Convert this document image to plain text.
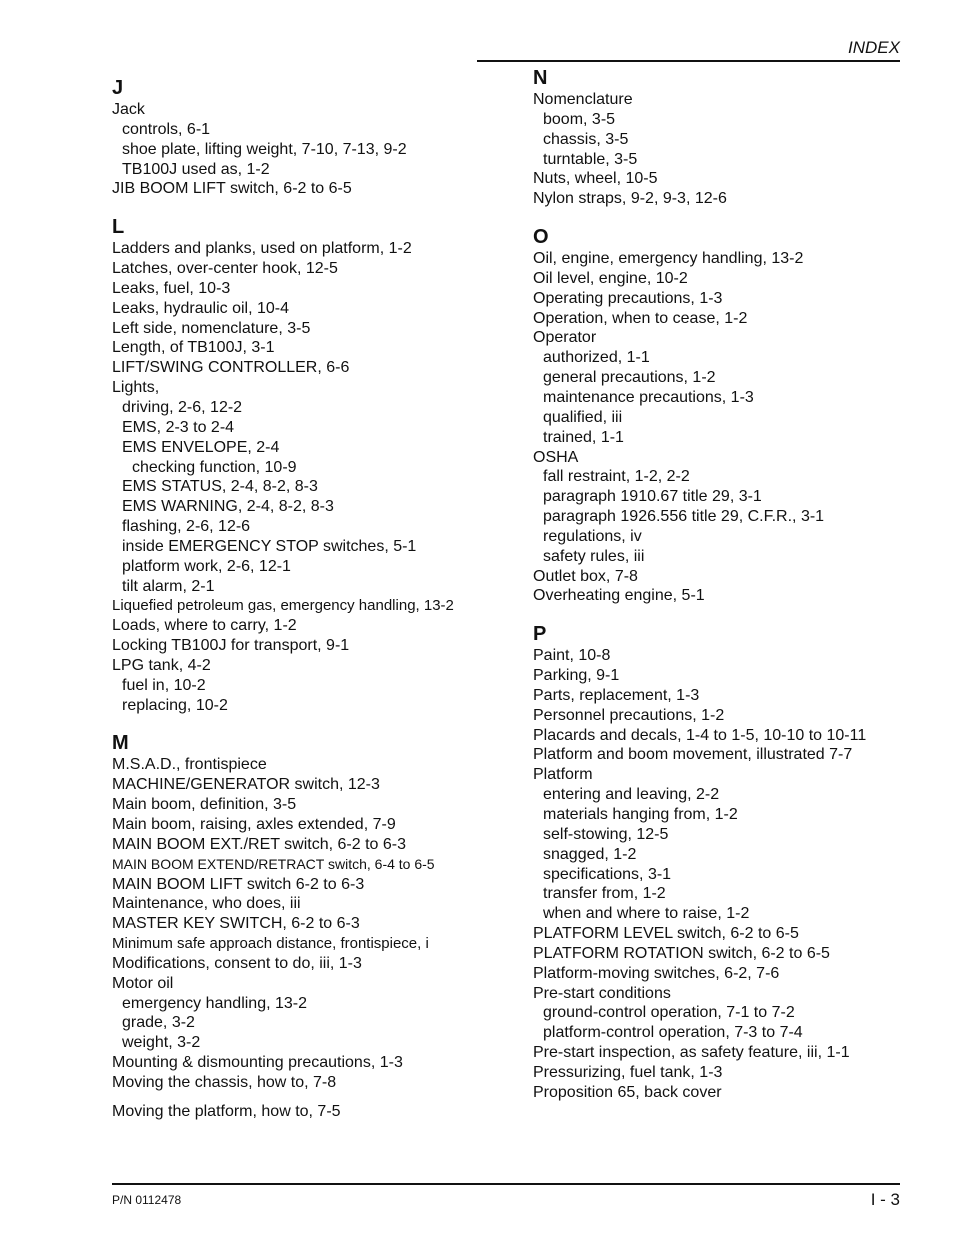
INDEX
J
Jack
controls, 6-1
shoe plate, lifting weight, 7-10, 7-13, 9-2
TB100J used as, 1-2
JIB BOOM LIFT switch, 6-2 to 6-5
L
Ladders and planks, used on platform, 1-2
Latches, over-center hook, 12-5
Leaks, fuel, 10-3
Leaks, hydraulic oil, 10-4
Left side, nomenclature, 3-5
Length, of TB100J, 3-1
LIFT/SWING CONTROLLER, 6-6
Lights,
driving, 2-6, 12-2
EMS, 2-3 to 2-4
EMS ENVELOPE, 2-4
checking function, 10-9
EMS STATUS, 2-4, 8-2, 8-3
EMS WARNING, 2-4, 8-2, 8-3
flashing, 2-6, 12-6
inside EMERGENCY STOP switches, 5-1
platform work, 2-6, 12-1
tilt alarm, 2-1
Liquefied petroleum gas, emergency handling, 13-2
Loads, where to carry, 1-2
Locking TB100J for transport, 9-1
LPG tank, 4-2
fuel in, 10-2
replacing, 10-2
M
M.S.A.D., frontispiece
MACHINE/GENERATOR switch, 12-3
Main boom, definition, 3-5
Main boom, raising, axles extended, 7-9
MAIN BOOM EXT./RET switch, 6-2 to 6-3
MAIN BOOM EXTEND/RETRACT switch, 6-4 to 6-5
MAIN BOOM LIFT switch 6-2 to 6-3
Maintenance, who does, iii
MASTER KEY SWITCH, 6-2 to 6-3
Minimum safe approach distance, frontispiece, i
Modifications, consent to do, iii, 1-3
Motor oil
emergency handling, 13-2
grade, 3-2
weight, 3-2
Mounting & dismounting precautions, 1-3
Moving the chassis, how to, 7-8
Moving the platform, how to, 7-5
N
Nomenclature
boom, 3-5
chassis, 3-5
turntable, 3-5
Nuts, wheel, 10-5
Nylon straps, 9-2, 9-3, 12-6
O
Oil, engine, emergency handling, 13-2
Oil level, engine, 10-2
Operating precautions, 1-3
Operation, when to cease, 1-2
Operator
authorized, 1-1
general precautions, 1-2
maintenance precautions, 1-3
qualified, iii
trained, 1-1
OSHA
fall restraint, 1-2, 2-2
paragraph 1910.67 title 29, 3-1
paragraph 1926.556 title 29, C.F.R., 3-1
regulations, iv
safety rules, iii
Outlet box, 7-8
Overheating engine, 5-1
P
Paint, 10-8
Parking, 9-1
Parts, replacement, 1-3
Personnel precautions, 1-2
Placards and decals, 1-4 to 1-5, 10-10 to 10-11
Platform and boom movement, illustrated 7-7
Platform
entering and leaving, 2-2
materials hanging from, 1-2
self-stowing, 12-5
snagged, 1-2
specifications, 3-1
transfer from, 1-2
when and where to raise, 1-2
PLATFORM LEVEL switch, 6-2 to 6-5
PLATFORM ROTATION switch, 6-2 to 6-5
Platform-moving switches, 6-2, 7-6
Pre-start conditions
ground-control operation, 7-1 to 7-2
platform-control operation, 7-3 to 7-4
Pre-start inspection, as safety feature, iii, 1-1
Pressurizing, fuel tank, 1-3
Proposition 65, back cover
P/N 0112478	I - 3
